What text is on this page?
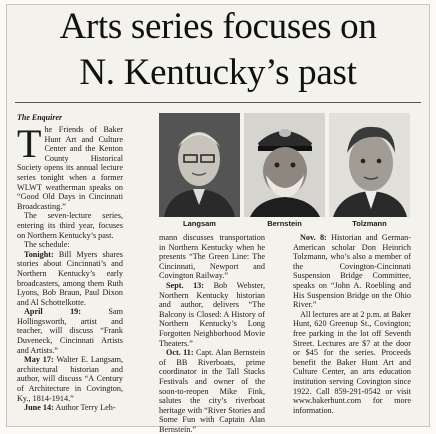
Arts series focuses on
N. Kentucky’s past
The Enquirer

The Friends of Baker Hunt Art and Culture Center and the Kenton County Historical Society opens its annual lecture series tonight when a former WLWT weatherman speaks on “Good Old Days in Cincinnati Broadcasting.”

The seven-lecture series, entering its third year, focuses on Northern Kentucky’s past.

The schedule:

Tonight: Bill Myers shares stories about Cincinnati’s and Northern Kentucky’s early broadcasters, among them Ruth Lyons, Bob Braun, Paul Dixon and Al Schottelkotte.

April 19: Sam Hollingsworth, artist and teacher, will discuss “Frank Duveneck, Cincinnati Artists and Artists.”

May 17: Walter E. Langsam, architectural historian and author, will discuss “A Century of Architecture in Covington, Ky., 1814-1914.”

June 14: Author Terry Leh-

Langsam	Bernstein	Tolzmann

mann discusses transportation in Northern Kentucky when he presents “The Green Line: The Cincinnati, Newport and Covington Railway.”

Sept. 13: Bob Webster, Northern Kentucky historian and author, delivers “The Balcony is Closed: A History of Northern Kentucky’s Long Forgotten Neighborhood Movie Theaters.”

Oct. 11: Capt. Alan Bernstein of BB Riverboats, prime coordinator in the Tall Stacks Festivals and owner of the soon-to-reopen Mike Fink, salutes the city’s riverboat heritage with “River Stories and Some Fun with Captain Alan Bernstein.”

Nov. 8: Historian and German-American scholar Don Heinrich Tolzmann, who’s also a member of the Covington-Cincinnati Suspension Bridge Committee, speaks on “John A. Roebling and His Suspension Bridge on the Ohio River.”

All lectures are at 2 p.m. at Baker Hunt, 620 Greenup St., Covington; free parking in the lot off Seventh Street. Lectures are $7 at the door or $45 for the series. Proceeds benefit the Baker Hunt Art and Culture Center, an arts education institution serving Covington since 1922. Call 859-291-0542 or visit www.bakerhunt.com for more information.
